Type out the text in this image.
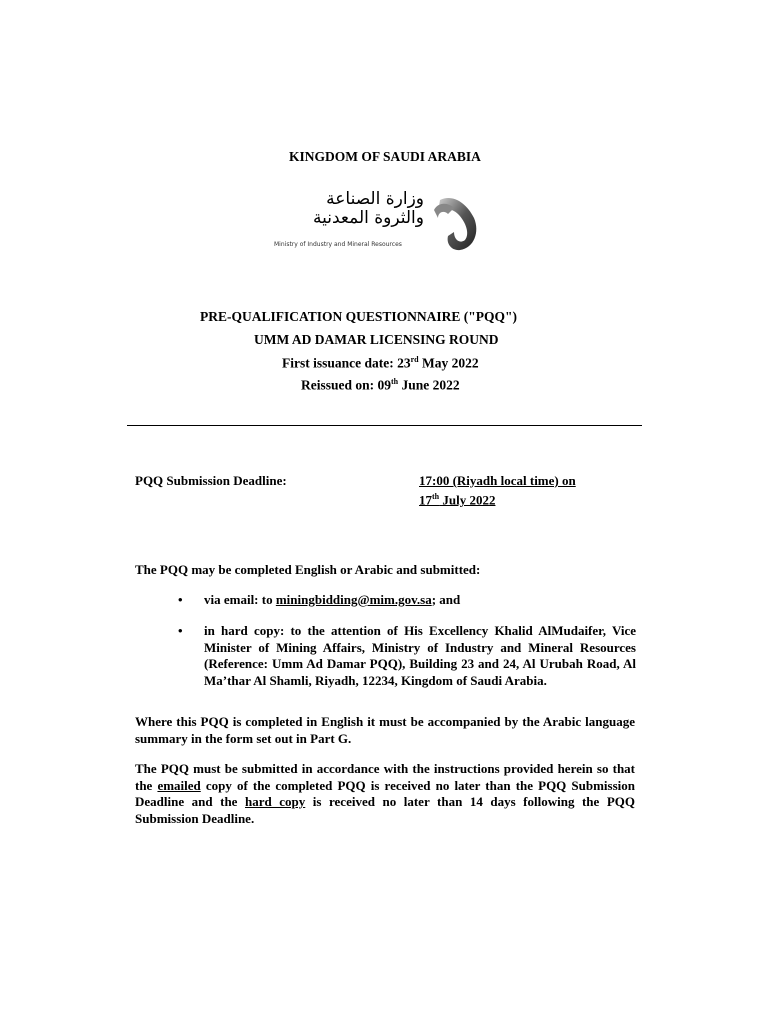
KINGDOM OF SAUDI ARABIA
وزارة الصناعة
والثروة المعدنية
Ministry of Industry and Mineral Resources
PRE-QUALIFICATION QUESTIONNAIRE ("PQQ")
UMM AD DAMAR LICENSING ROUND
First issuance date: 23rd May 2022
Reissued on: 09th June 2022
PQQ Submission Deadline:	17:00 (Riyadh local time) on
17th July 2022
The PQQ may be completed English or Arabic and submitted:
• via email: to miningbidding@mim.gov.sa; and
• in hard copy: to the attention of His Excellency Khalid AlMudaifer, Vice Minister of Mining Affairs, Ministry of Industry and Mineral Resources (Reference: Umm Ad Damar PQQ), Building 23 and 24, Al Urubah Road, Al Ma’thar Al Shamli, Riyadh, 12234, Kingdom of Saudi Arabia.
Where this PQQ is completed in English it must be accompanied by the Arabic language summary in the form set out in Part G.
The PQQ must be submitted in accordance with the instructions provided herein so that the emailed copy of the completed PQQ is received no later than the PQQ Submission Deadline and the hard copy is received no later than 14 days following the PQQ Submission Deadline.
